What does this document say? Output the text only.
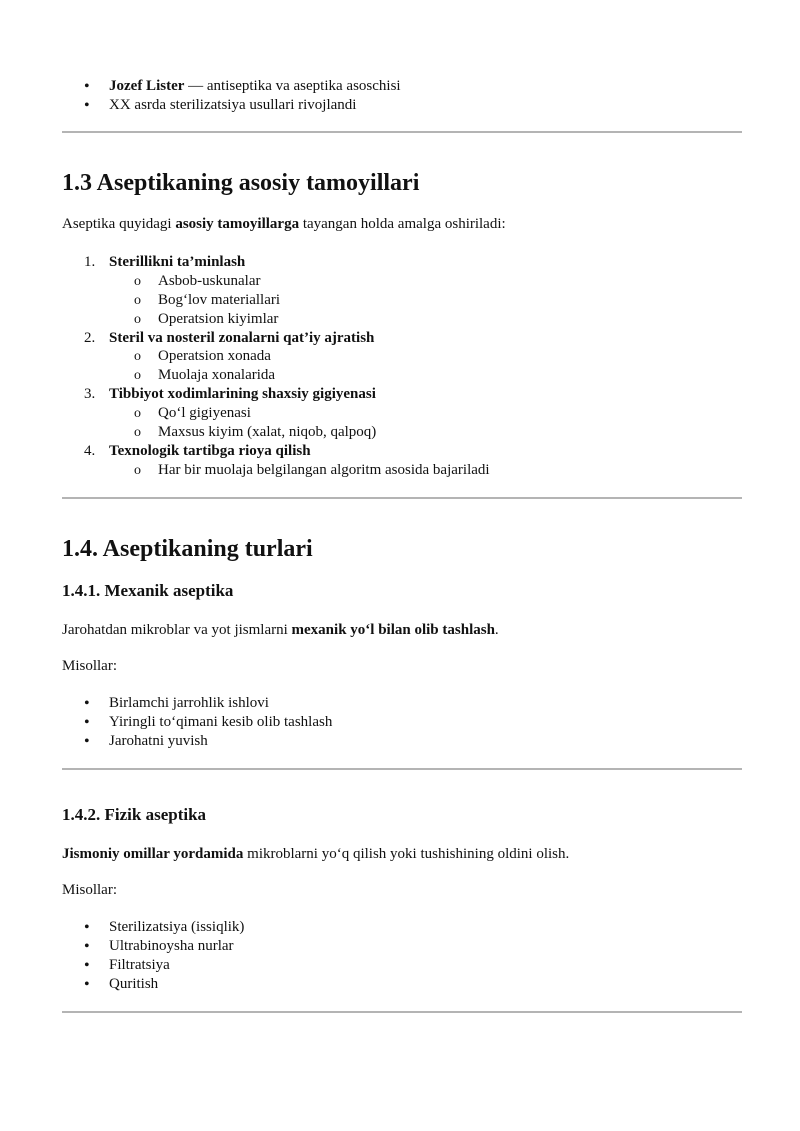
•
Jozef Lister — antiseptika va aseptika asoschisi
•
XX asrda sterilizatsiya usullari rivojlandi
1.3 Aseptikaning asosiy tamoyillari
Aseptika quyidagi asosiy tamoyillarga tayangan holda amalga oshiriladi:
1. Sterillikni ta’minlash
o Asbob-uskunalar
o Bog‘lov materiallari
o Operatsion kiyimlar
2. Steril va nosteril zonalarni qat’iy ajratish
o Operatsion xonada
o Muolaja xonalarida
3. Tibbiyot xodimlarining shaxsiy gigiyenasi
o Qo‘l gigiyenasi
o Maxsus kiyim (xalat, niqob, qalpoq)
4. Texnologik tartibga rioya qilish
o Har bir muolaja belgilangan algoritm asosida bajariladi
1.4. Aseptikaning turlari
1.4.1. Mexanik aseptika
Jarohatdan mikroblar va yot jismlarni mexanik yo‘l bilan olib tashlash.
Misollar:
•
Birlamchi jarrohlik ishlovi
•
Yiringli to‘qimani kesib olib tashlash
•
Jarohatni yuvish
1.4.2. Fizik aseptika
Jismoniy omillar yordamida mikroblarni yo‘q qilish yoki tushishining oldini olish.
Misollar:
•
Sterilizatsiya (issiqlik)
•
Ultrabinoysha nurlar
•
Filtratsiya
•
Quritish
